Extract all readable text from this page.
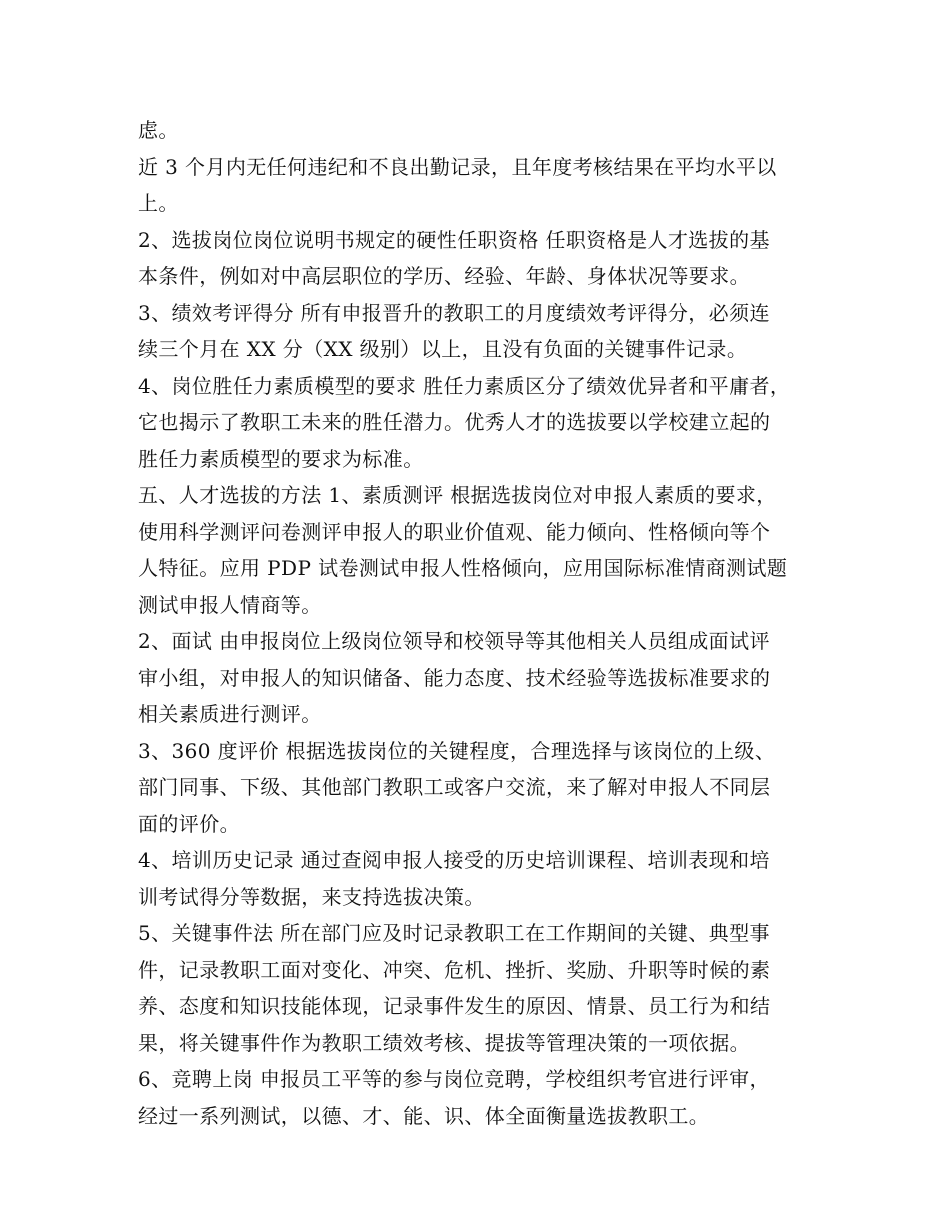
虑。
近 3 个月内无任何违纪和不良出勤记录，且年度考核结果在平均水平以
上。
2、选拔岗位岗位说明书规定的硬性任职资格 任职资格是人才选拔的基
本条件，例如对中高层职位的学历、经验、年龄、身体状况等要求。
3、绩效考评得分 所有申报晋升的教职工的月度绩效考评得分，必须连
续三个月在 XX 分（XX 级别）以上，且没有负面的关键事件记录。
4、岗位胜任力素质模型的要求 胜任力素质区分了绩效优异者和平庸者，
它也揭示了教职工未来的胜任潜力。优秀人才的选拔要以学校建立起的
胜任力素质模型的要求为标准。
五、人才选拔的方法 1、素质测评 根据选拔岗位对申报人素质的要求，
使用科学测评问卷测评申报人的职业价值观、能力倾向、性格倾向等个
人特征。应用 PDP 试卷测试申报人性格倾向，应用国际标准情商测试题
测试申报人情商等。
2、面试 由申报岗位上级岗位领导和校领导等其他相关人员组成面试评
审小组，对申报人的知识储备、能力态度、技术经验等选拔标准要求的
相关素质进行测评。
3、360 度评价 根据选拔岗位的关键程度，合理选择与该岗位的上级、
部门同事、下级、其他部门教职工或客户交流，来了解对申报人不同层
面的评价。
4、培训历史记录 通过查阅申报人接受的历史培训课程、培训表现和培
训考试得分等数据，来支持选拔决策。
5、关键事件法 所在部门应及时记录教职工在工作期间的关键、典型事
件，记录教职工面对变化、冲突、危机、挫折、奖励、升职等时候的素
养、态度和知识技能体现，记录事件发生的原因、情景、员工行为和结
果，将关键事件作为教职工绩效考核、提拔等管理决策的一项依据。
6、竞聘上岗 申报员工平等的参与岗位竞聘，学校组织考官进行评审，
经过一系列测试，以德、才、能、识、体全面衡量选拔教职工。
